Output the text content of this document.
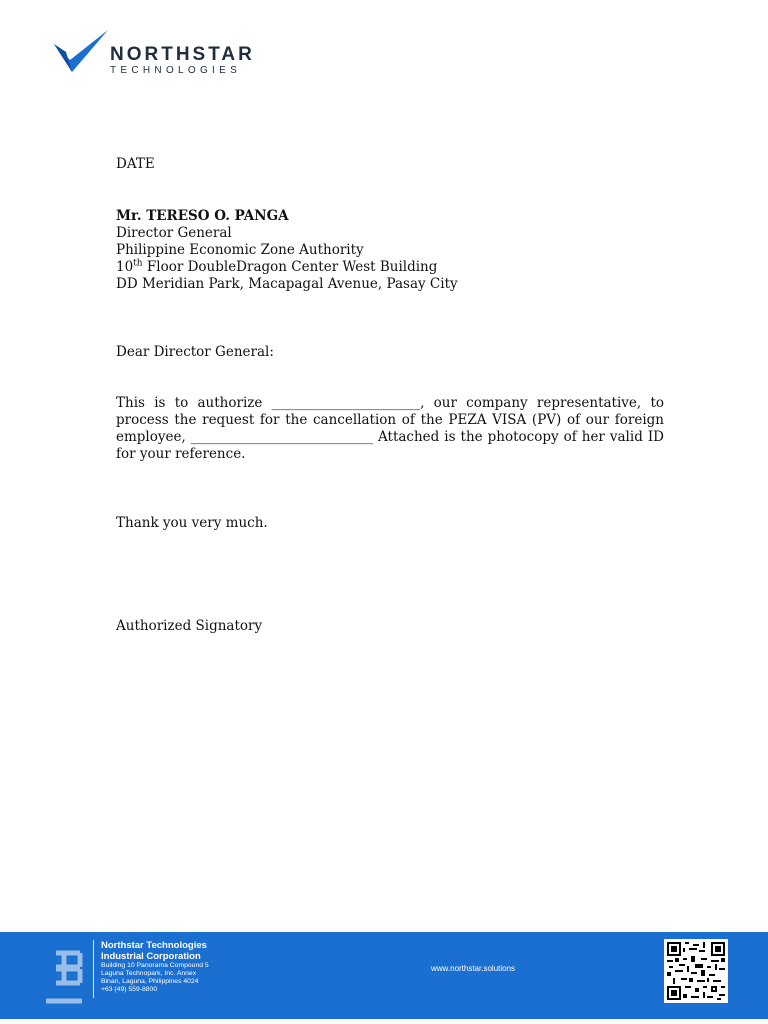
NORTHSTAR
TECHNOLOGIES
DATE
Mr. TERESO O. PANGA
Director General
Philippine Economic Zone Authority
10th Floor DoubleDragon Center West Building
DD Meridian Park, Macapagal Avenue, Pasay City
Dear Director General:
This is to authorize ______________________, our company representative, to process the request for the cancellation of the PEZA VISA (PV) of our foreign employee, ___________________________ Attached is the photocopy of her valid ID for your reference.
Thank you very much.
Authorized Signatory
Northstar Technologies
Industrial Corporation
Building 10 Panorama Compound 5
Laguna Technopark, Inc. Annex
Binan, Laguna, Philippines 4024
+63 (49) 559-8800
www.northstar.solutions
